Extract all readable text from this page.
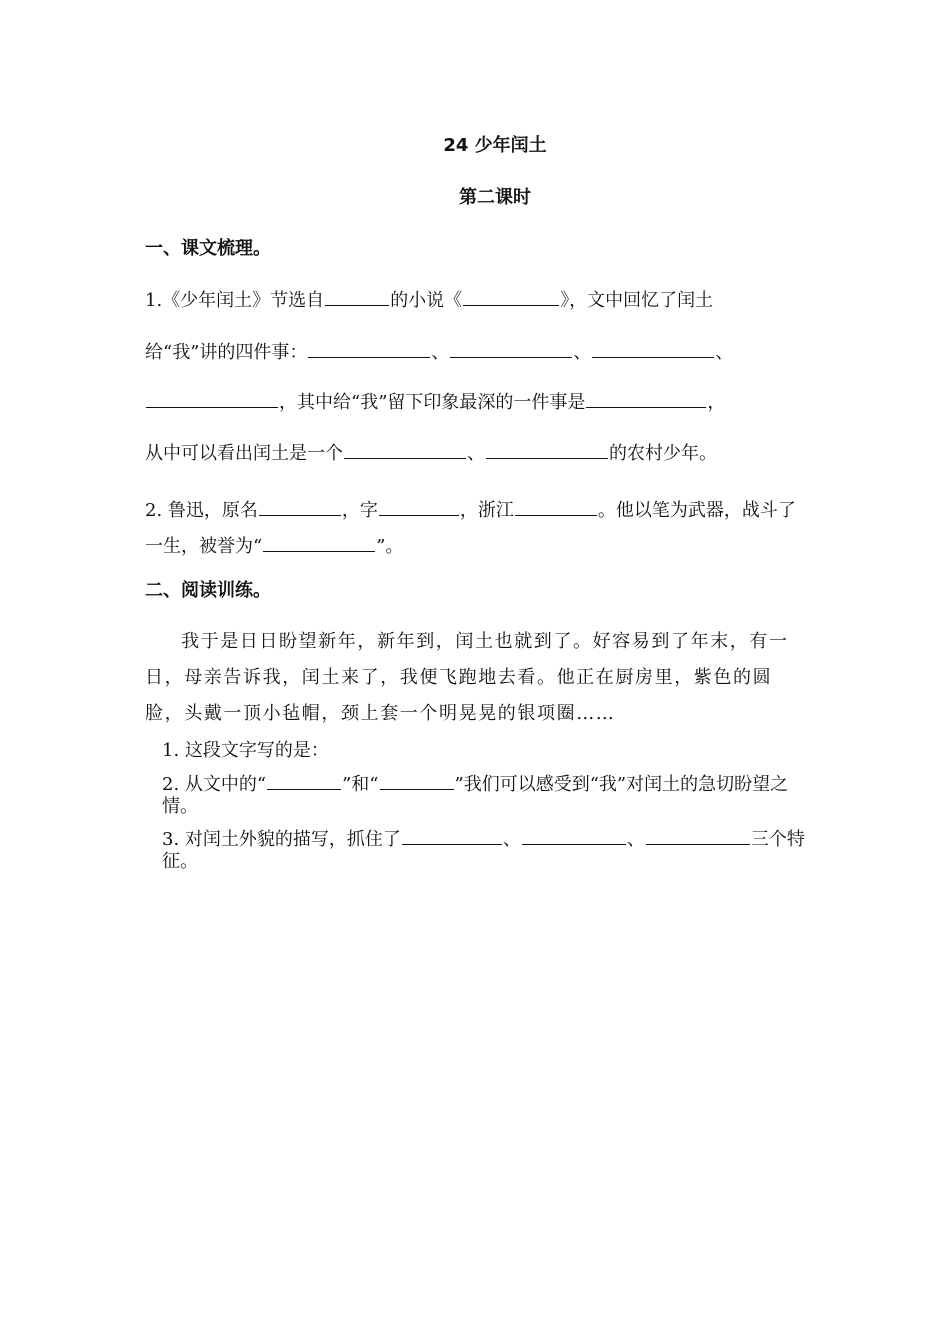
24 少年闰土
第二课时
一、课文梳理。
1.《少年闰土》节选自	的小说《	》，文中回忆了闰土
给“我”讲的四件事：	、	、	、
，其中给“我”留下印象最深的一件事是	，
从中可以看出闰土是一个	、	的农村少年。

2. 鲁迅，原名	，字	，浙江	。他以笔为武器，战斗了一生，被誉为“	”。

二、阅读训练。

我于是日日盼望新年，新年到，闰土也就到了。好容易到了年末，有一日，母亲告诉我，闰土来了，我便飞跑地去看。他正在厨房里，紫色的圆脸，头戴一顶小毡帽，颈上套一个明晃晃的银项圈……

1. 这段文字写的是：

2. 从文中的“	”和“	”我们可以感受到“我”对闰土的急切盼望之情。

3. 对闰土外貌的描写，抓住了	、	、	三个特征。
